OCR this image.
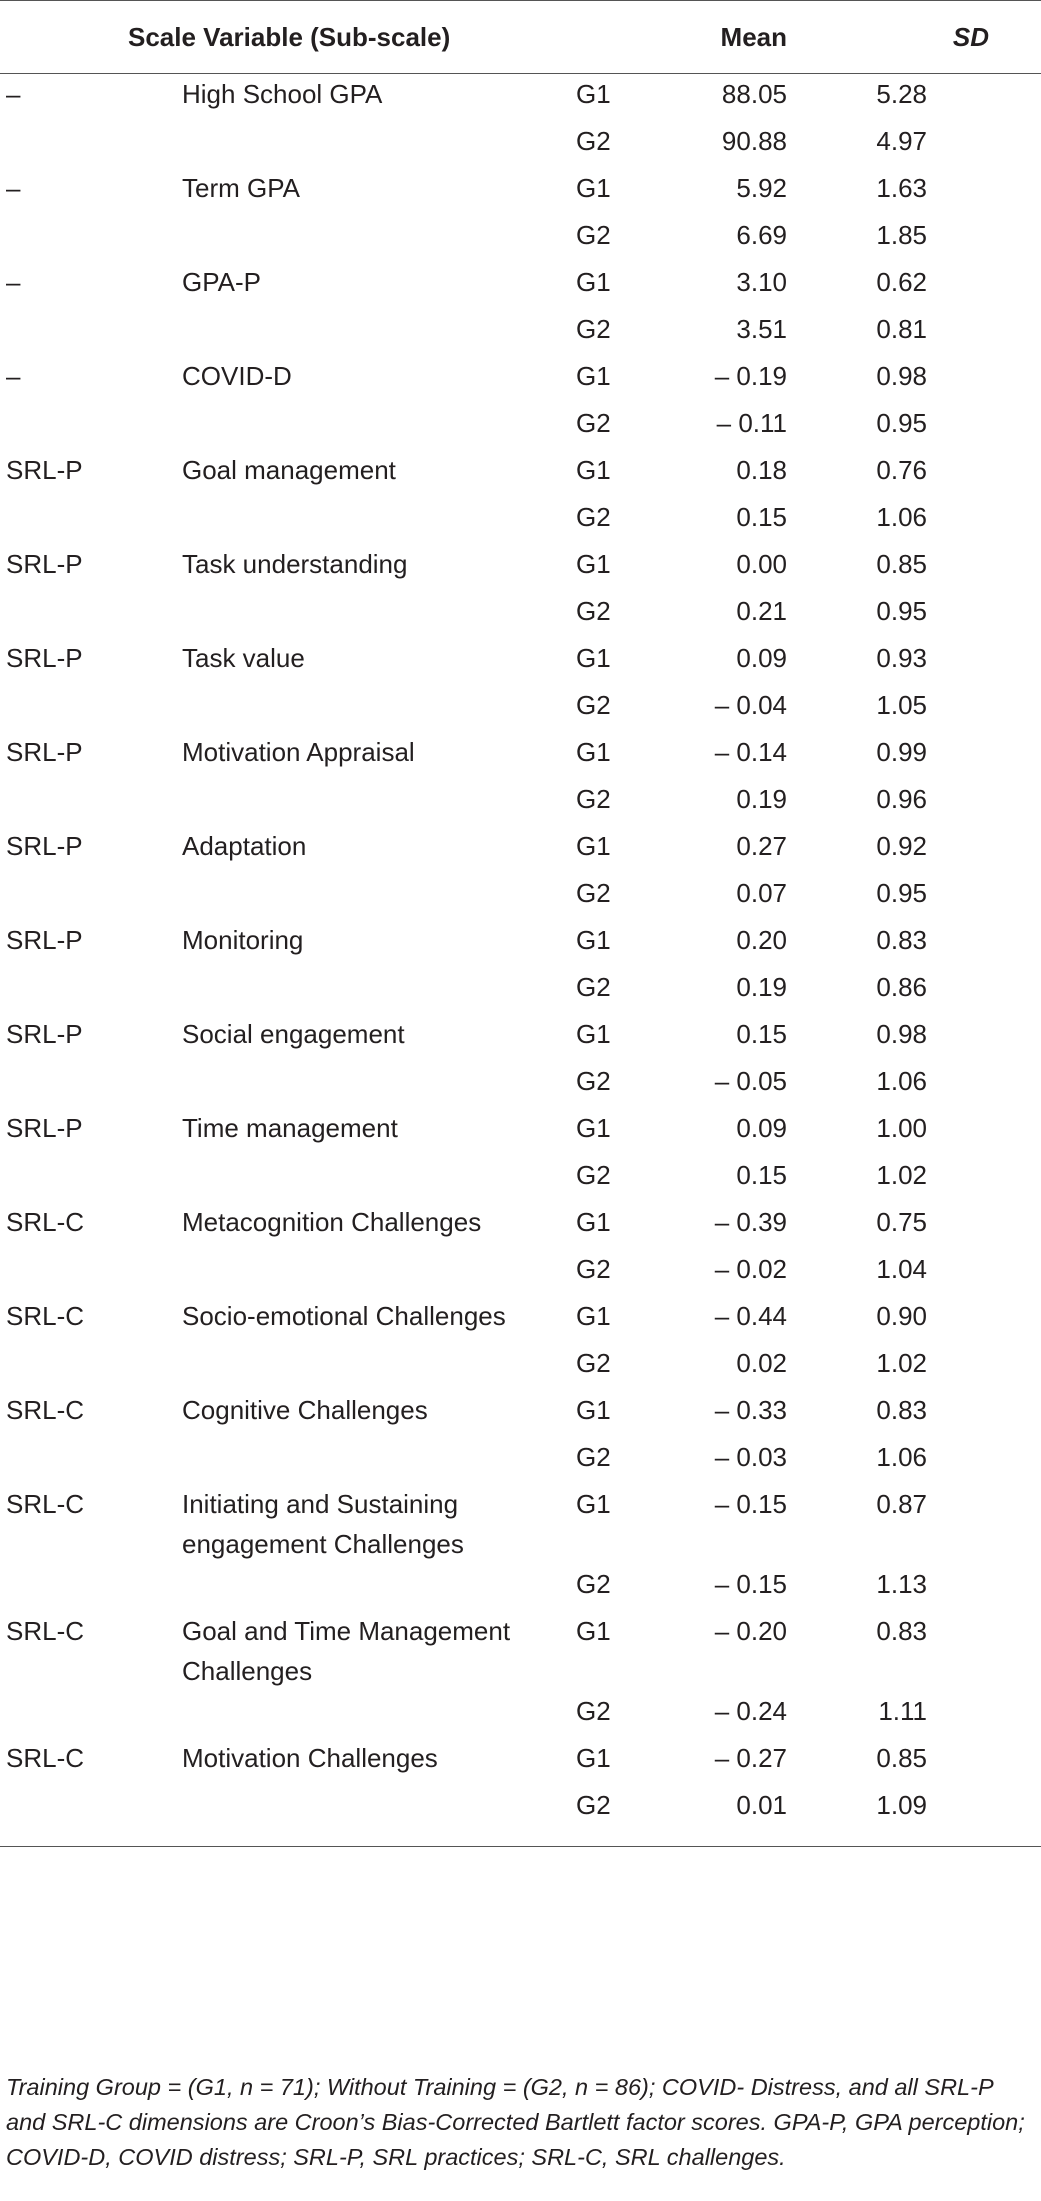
Scale Variable (Sub-scale)			Mean	SD	
–	High School GPA	G1	88.05	5.28	
		G2	90.88	4.97	
–	Term GPA	G1	5.92	1.63	
		G2	6.69	1.85	
–	GPA-P	G1	3.10	0.62	
		G2	3.51	0.81	
–	COVID-D	G1	– 0.19	0.98	
		G2	– 0.11	0.95	
SRL-P	Goal management	G1	0.18	0.76	
		G2	0.15	1.06	
SRL-P	Task understanding	G1	0.00	0.85	
		G2	0.21	0.95	
SRL-P	Task value	G1	0.09	0.93	
		G2	– 0.04	1.05	
SRL-P	Motivation Appraisal	G1	– 0.14	0.99	
		G2	0.19	0.96	
SRL-P	Adaptation	G1	0.27	0.92	
		G2	0.07	0.95	
SRL-P	Monitoring	G1	0.20	0.83	
		G2	0.19	0.86	
SRL-P	Social engagement	G1	0.15	0.98	
		G2	– 0.05	1.06	
SRL-P	Time management	G1	0.09	1.00	
		G2	0.15	1.02	
SRL-C	Metacognition Challenges	G1	– 0.39	0.75	
		G2	– 0.02	1.04	
SRL-C	Socio-emotional Challenges	G1	– 0.44	0.90	
		G2	0.02	1.02	
SRL-C	Cognitive Challenges	G1	– 0.33	0.83	
		G2	– 0.03	1.06	
SRL-C	Initiating and Sustaining engagement Challenges	G1	– 0.15	0.87	
		G2	– 0.15	1.13	
SRL-C	Goal and Time Management Challenges	G1	– 0.20	0.83	
		G2	– 0.24	1.11	
SRL-C	Motivation Challenges	G1	– 0.27	0.85	
		G2	0.01	1.09	

Training Group = (G1, n = 71); Without Training = (G2, n = 86); COVID- Distress, and all SRL-P and SRL-C dimensions are Croon’s Bias-Corrected Bartlett factor scores. GPA-P, GPA perception; COVID-D, COVID distress; SRL-P, SRL practices; SRL-C, SRL challenges.
